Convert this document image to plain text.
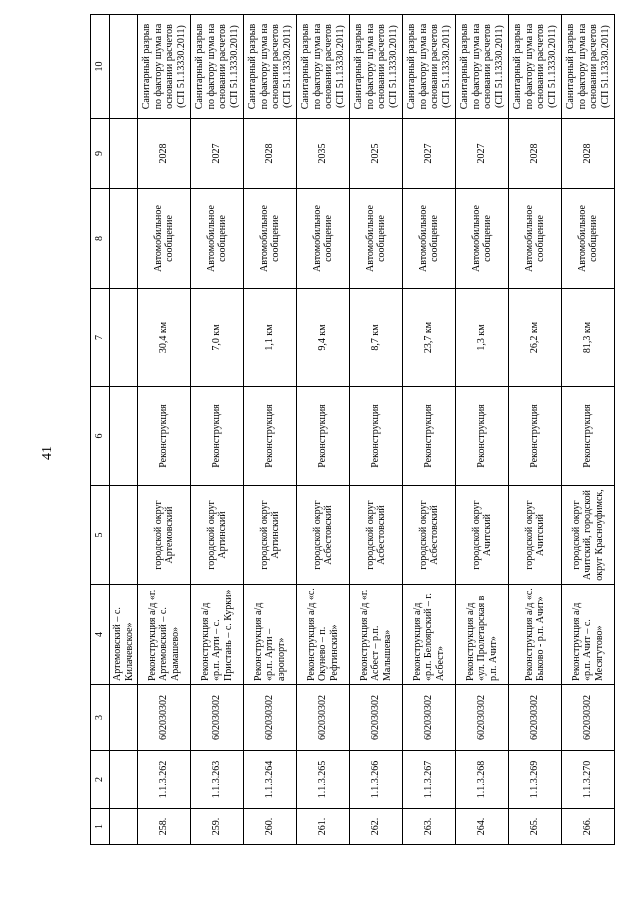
41
1	2	3	4	5	6	7	8	9	10
			Артемовский – с. Килачевское»						
258.	1.1.3.262	602030302	Реконструкция а/д «г. Артемовский – с. Арамашево»	городской округ Артемовский	Реконструкция	30,4 км	Автомобильное сообщение	2028	Санитарный разрыв по фактору шума на основании расчетов (СП 51.13330.2011)
259.	1.1.3.263	602030302	Реконструкция а/д «р.п. Арти – с. Пристань – с. Курки»	городской округ Артинский	Реконструкция	7,0 км	Автомобильное сообщение	2027	Санитарный разрыв по фактору шума на основании расчетов (СП 51.13330.2011)
260.	1.1.3.264	602030302	Реконструкция а/д «р.п. Арти – аэропорт»	городской округ Артинский	Реконструкция	1,1 км	Автомобильное сообщение	2028	Санитарный разрыв по фактору шума на основании расчетов (СП 51.13330.2011)
261.	1.1.3.265	602030302	Реконструкция а/д «с. Окунево – п. Рефтинский»	городской округ Асбестовский	Реконструкция	9,4 км	Автомобильное сообщение	2035	Санитарный разрыв по фактору шума на основании расчетов (СП 51.13330.2011)
262.	1.1.3.266	602030302	Реконструкция а/д «г. Асбест – р.п. Малышева»	городской округ Асбестовский	Реконструкция	8,7 км	Автомобильное сообщение	2025	Санитарный разрыв по фактору шума на основании расчетов (СП 51.13330.2011)
263.	1.1.3.267	602030302	Реконструкция а/д «р.п. Белоярский – г. Асбест»	городской округ Асбестовский	Реконструкция	23,7 км	Автомобильное сообщение	2027	Санитарный разрыв по фактору шума на основании расчетов (СП 51.13330.2011)
264.	1.1.3.268	602030302	Реконструкция а/д «ул. Пролетарская в р.п. Ачит»	городской округ Ачитский	Реконструкция	1,3 км	Автомобильное сообщение	2027	Санитарный разрыв по фактору шума на основании расчетов (СП 51.13330.2011)
265.	1.1.3.269	602030302	Реконструкция а/д «с. Быково - р.п. Ачит»	городской округ Ачитский	Реконструкция	26,2 км	Автомобильное сообщение	2028	Санитарный разрыв по фактору шума на основании расчетов (СП 51.13330.2011)
266.	1.1.3.270	602030302	Реконструкция а/д «р.п. Ачит – с. Месягутово»	городской округ Ачитский, городской округ Красноуфимск,	Реконструкция	81,3 км	Автомобильное сообщение	2028	Санитарный разрыв по фактору шума на основании расчетов (СП 51.13330.2011)
